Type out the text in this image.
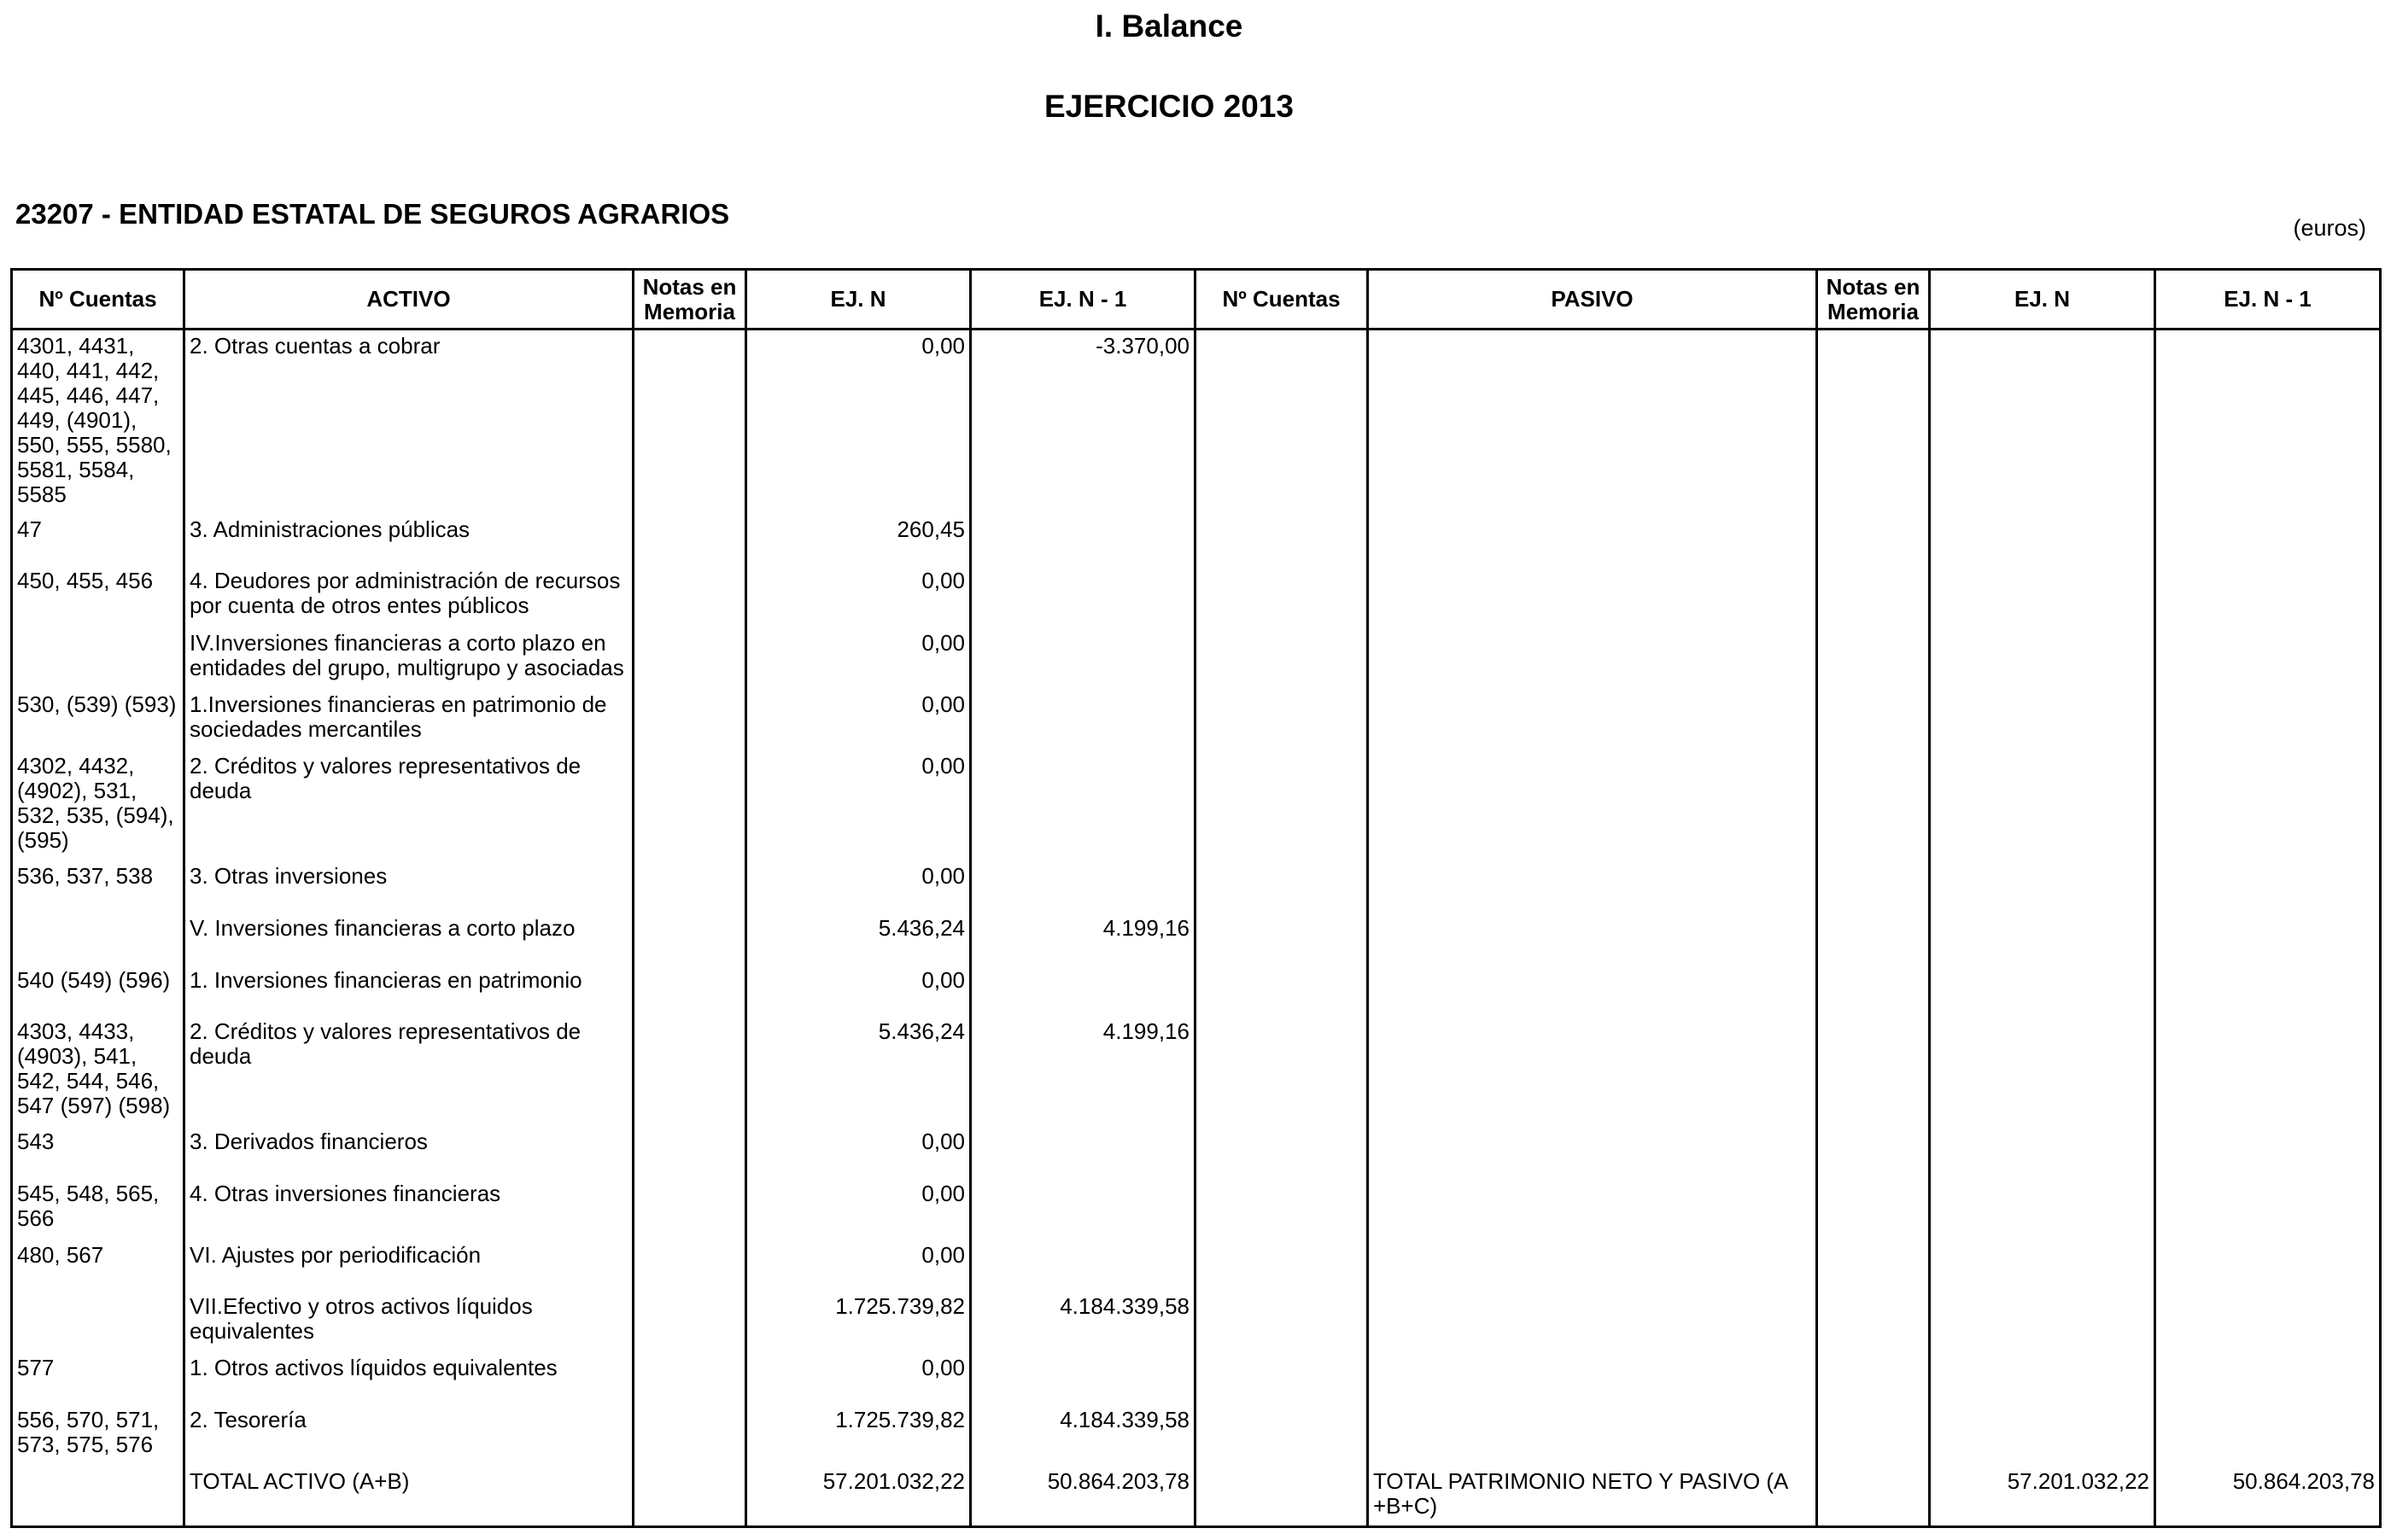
I. Balance
EJERCICIO 2013
23207 - ENTIDAD ESTATAL DE SEGUROS AGRARIOS	(euros)
Nº Cuentas	ACTIVO	Notas en Memoria	EJ. N	EJ. N - 1	Nº Cuentas	PASIVO	Notas en Memoria	EJ. N	EJ. N - 1
4301, 4431, 440, 441, 442, 445, 446, 447, 449, (4901), 550, 555, 5580, 5581, 5584, 5585	2. Otras cuentas a cobrar		0,00	-3.370,00					
47	3. Administraciones públicas		260,45						
450, 455, 456	4. Deudores por administración de recursos por cuenta de otros entes públicos		0,00						
	IV.Inversiones financieras a corto plazo en entidades del grupo, multigrupo y asociadas		0,00						
530, (539) (593)	1.Inversiones financieras en patrimonio de sociedades mercantiles		0,00						
4302, 4432, (4902), 531, 532, 535, (594), (595)	2. Créditos y valores representativos de deuda		0,00						
536, 537, 538	3. Otras inversiones		0,00						
	V. Inversiones financieras a corto plazo		5.436,24	4.199,16					
540 (549) (596)	1. Inversiones financieras en patrimonio		0,00						
4303, 4433, (4903), 541, 542, 544, 546, 547 (597) (598)	2. Créditos y valores representativos de deuda		5.436,24	4.199,16					
543	3. Derivados financieros		0,00						
545, 548, 565, 566	4. Otras inversiones financieras		0,00						
480, 567	VI. Ajustes por periodificación		0,00						
	VII.Efectivo y otros activos líquidos equivalentes		1.725.739,82	4.184.339,58					
577	1. Otros activos líquidos equivalentes		0,00						
556, 570, 571, 573, 575, 576	2. Tesorería		1.725.739,82	4.184.339,58					
	TOTAL ACTIVO (A+B)		57.201.032,22	50.864.203,78		TOTAL PATRIMONIO NETO Y PASIVO (A +B+C)		57.201.032,22	50.864.203,78
